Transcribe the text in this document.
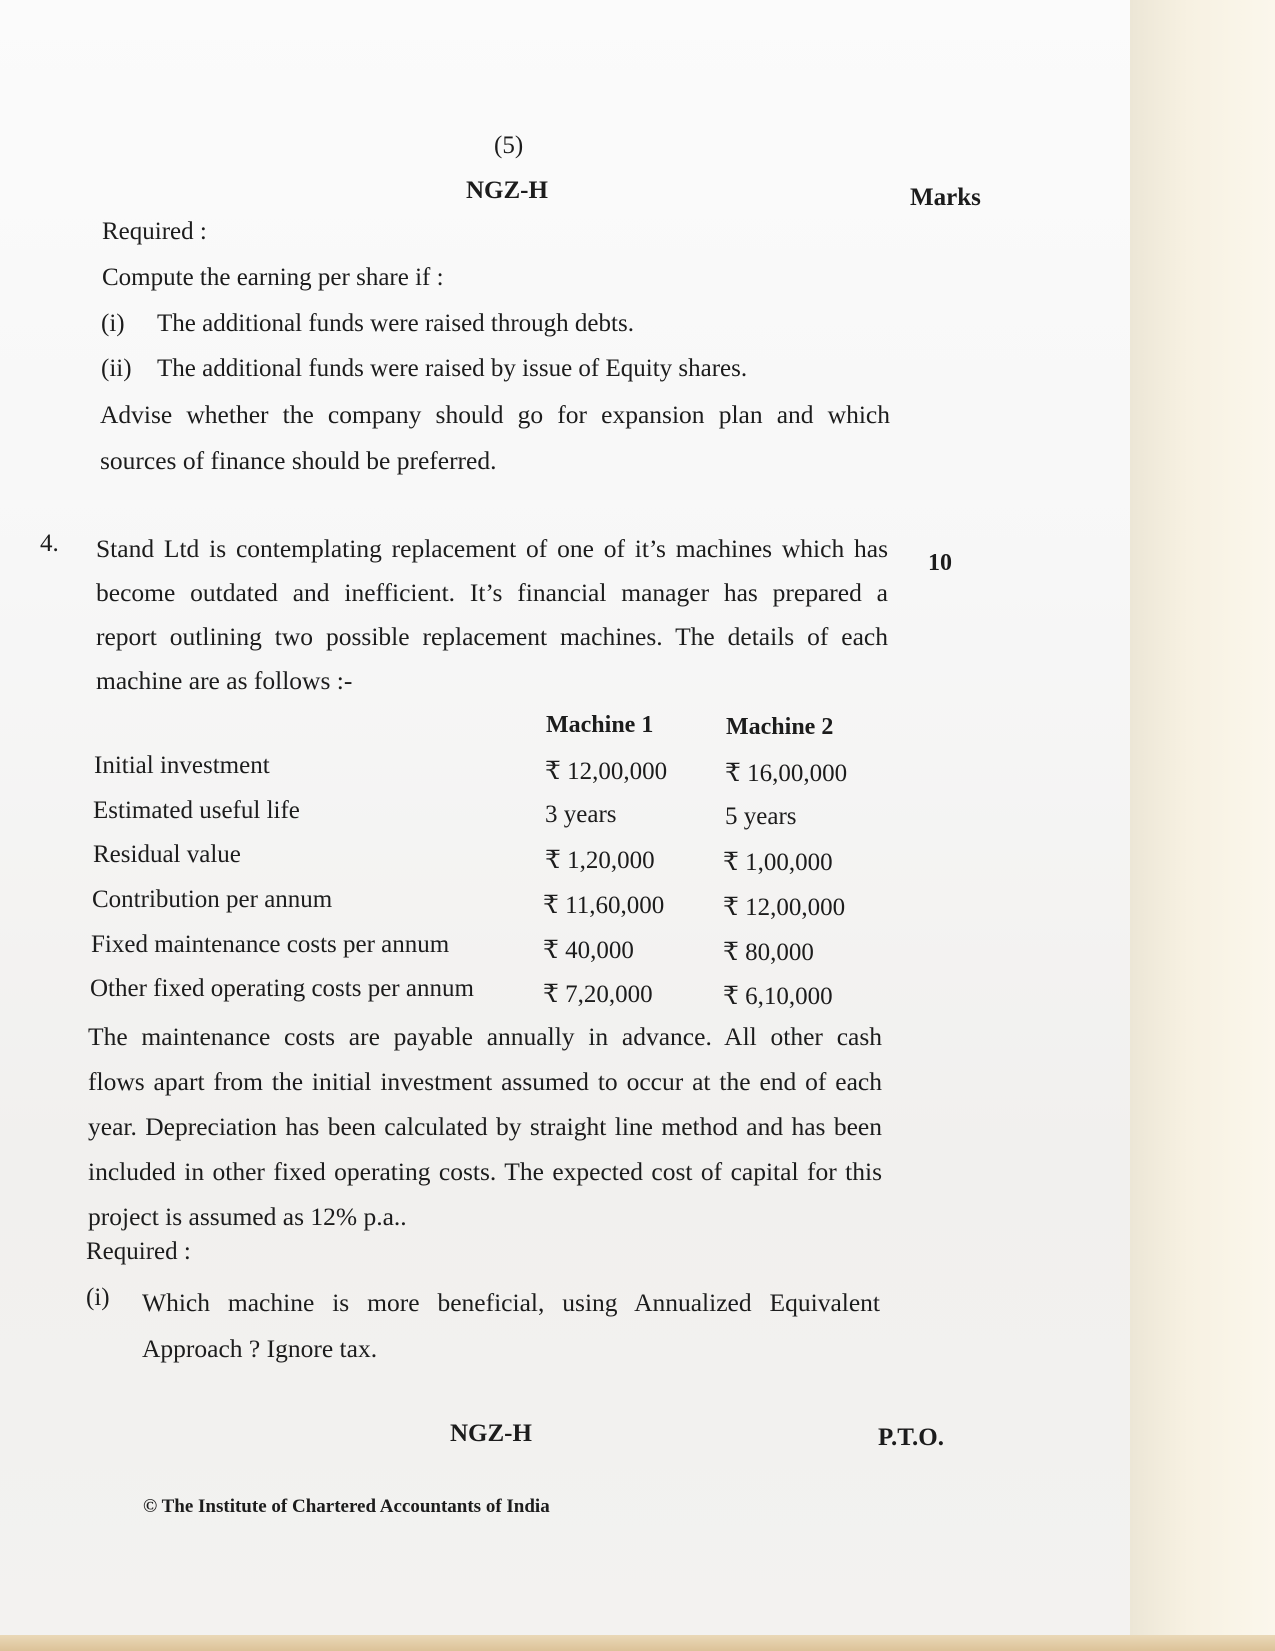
(5)
NGZ-H	Marks
Required :
Compute the earning per share if :
(i) The additional funds were raised through debts.
(ii) The additional funds were raised by issue of Equity shares.
Advise whether the company should go for expansion plan and which
sources of finance should be preferred.
4.
10
Stand Ltd is contemplating replacement of one of it’s machines which has
become outdated and inefficient. It’s financial manager has prepared a
report outlining two possible replacement machines. The details of each
machine are as follows :-
Machine 1	Machine 2
Initial investment	₹ 12,00,000 ₹ 16,00,000
Estimated useful life	3 years	5 years
Residual value	₹ 1,20,000	₹ 1,00,000
Contribution per annum	₹ 11,60,000 ₹ 12,00,000
Fixed maintenance costs per annum	₹ 40,000	₹ 80,000
Other fixed operating costs per annum	₹ 7,20,000	₹ 6,10,000
The maintenance costs are payable annually in advance. All other cash
flows apart from the initial investment assumed to occur at the end of each
year. Depreciation has been calculated by straight line method and has been
included in other fixed operating costs. The expected cost of capital for this
project is assumed as 12% p.a..
Required :
(i) Which machine is more beneficial, using Annualized Equivalent
Approach ? Ignore tax.
NGZ-H	P.T.O.
© The Institute of Chartered Accountants of India
